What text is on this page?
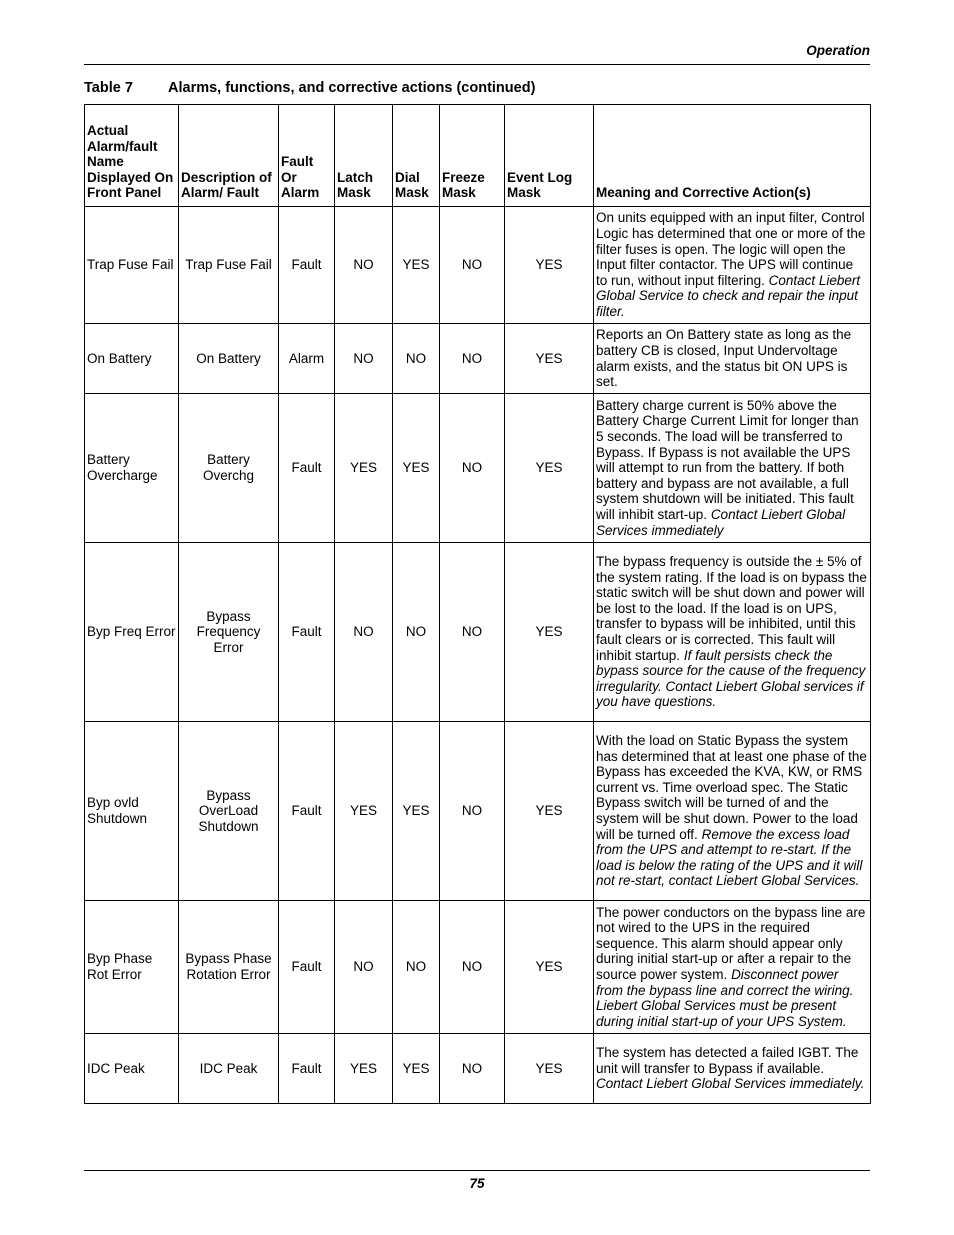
Operation
Table 7 Alarms, functions, and corrective actions (continued)
Actual Alarm/fault Name Displayed On Front Panel	Description of Alarm/ Fault	Fault Or Alarm	Latch Mask	Dial Mask	Freeze Mask	Event Log Mask	Meaning and Corrective Action(s)
Trap Fuse Fail	Trap Fuse Fail	Fault	NO	YES	NO	YES	On units equipped with an input filter, Control Logic has determined that one or more of the filter fuses is open. The logic will open the Input filter contactor. The UPS will continue to run, without input filtering. Contact Liebert Global Service to check and repair the input filter.
On Battery	On Battery	Alarm	NO	NO	NO	YES	Reports an On Battery state as long as the battery CB is closed, Input Undervoltage alarm exists, and the status bit ON UPS is set.
Battery Overcharge	Battery Overchg	Fault	YES	YES	NO	YES	Battery charge current is 50% above the Battery Charge Current Limit for longer than 5 seconds. The load will be transferred to Bypass. If Bypass is not available the UPS will attempt to run from the battery. If both battery and bypass are not available, a full system shutdown will be initiated. This fault will inhibit start-up. Contact Liebert Global Services immediately
Byp Freq Error	Bypass Frequency Error	Fault	NO	NO	NO	YES	The bypass frequency is outside the ± 5% of the system rating. If the load is on bypass the static switch will be shut down and power will be lost to the load. If the load is on UPS, transfer to bypass will be inhibited, until this fault clears or is corrected. This fault will inhibit startup. If fault persists check the bypass source for the cause of the frequency irregularity. Contact Liebert Global services if you have questions.
Byp ovld Shutdown	Bypass OverLoad Shutdown	Fault	YES	YES	NO	YES	With the load on Static Bypass the system has determined that at least one phase of the Bypass has exceeded the KVA, KW, or RMS current vs. Time overload spec. The Static Bypass switch will be turned of and the system will be shut down. Power to the load will be turned off. Remove the excess load from the UPS and attempt to re-start. If the load is below the rating of the UPS and it will not re-start, contact Liebert Global Services.
Byp Phase Rot Error	Bypass Phase Rotation Error	Fault	NO	NO	NO	YES	The power conductors on the bypass line are not wired to the UPS in the required sequence. This alarm should appear only during initial start-up or after a repair to the source power system. Disconnect power from the bypass line and correct the wiring. Liebert Global Services must be present during initial start-up of your UPS System.
IDC Peak	IDC Peak	Fault	YES	YES	NO	YES	The system has detected a failed IGBT. The unit will transfer to Bypass if available. Contact Liebert Global Services immediately.
75
